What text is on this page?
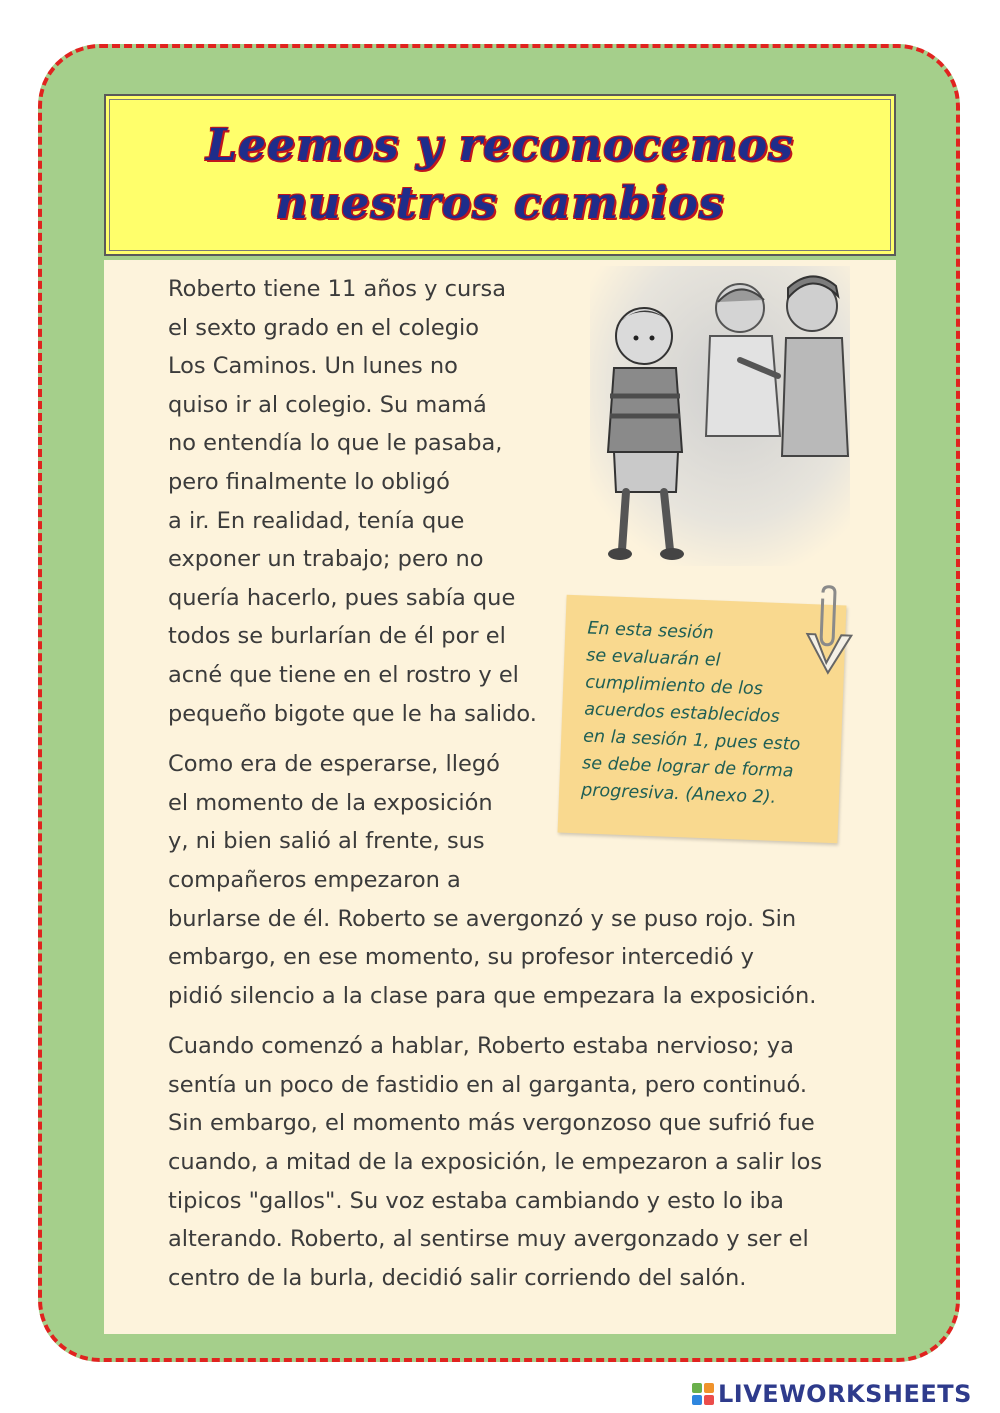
Leemos y reconocemos
nuestros cambios
Roberto tiene 11 años y cursa
el sexto grado en el colegio
Los Caminos. Un lunes no
quiso ir al colegio. Su mamá
no entendía lo que le pasaba,
pero finalmente lo obligó
a ir. En realidad, tenía que
exponer un trabajo; pero no
quería hacerlo, pues sabía que
todos se burlarían de él por el
acné que tiene en el rostro y el
pequeño bigote que le ha salido.
Como era de esperarse, llegó
el momento de la exposición
y, ni bien salió al frente, sus
compañeros empezaron a
burlarse de él. Roberto se avergonzó y se puso rojo. Sin
embargo, en ese momento, su profesor intercedió y
pidió silencio a la clase para que empezara la exposición.
Cuando comenzó a hablar, Roberto estaba nervioso; ya
sentía un poco de fastidio en al garganta, pero continuó.
Sin embargo, el momento más vergonzoso que sufrió fue
cuando, a mitad de la exposición, le empezaron a salir los
tipicos "gallos". Su voz estaba cambiando y esto lo iba
alterando. Roberto, al sentirse muy avergonzado y ser el
centro de la burla, decidió salir corriendo del salón.
En esta sesión
se evaluarán el
cumplimiento de los
acuerdos establecidos
en la sesión 1, pues esto
se debe lograr de forma
progresiva. (Anexo 2).
LIVEWORKSHEETS
